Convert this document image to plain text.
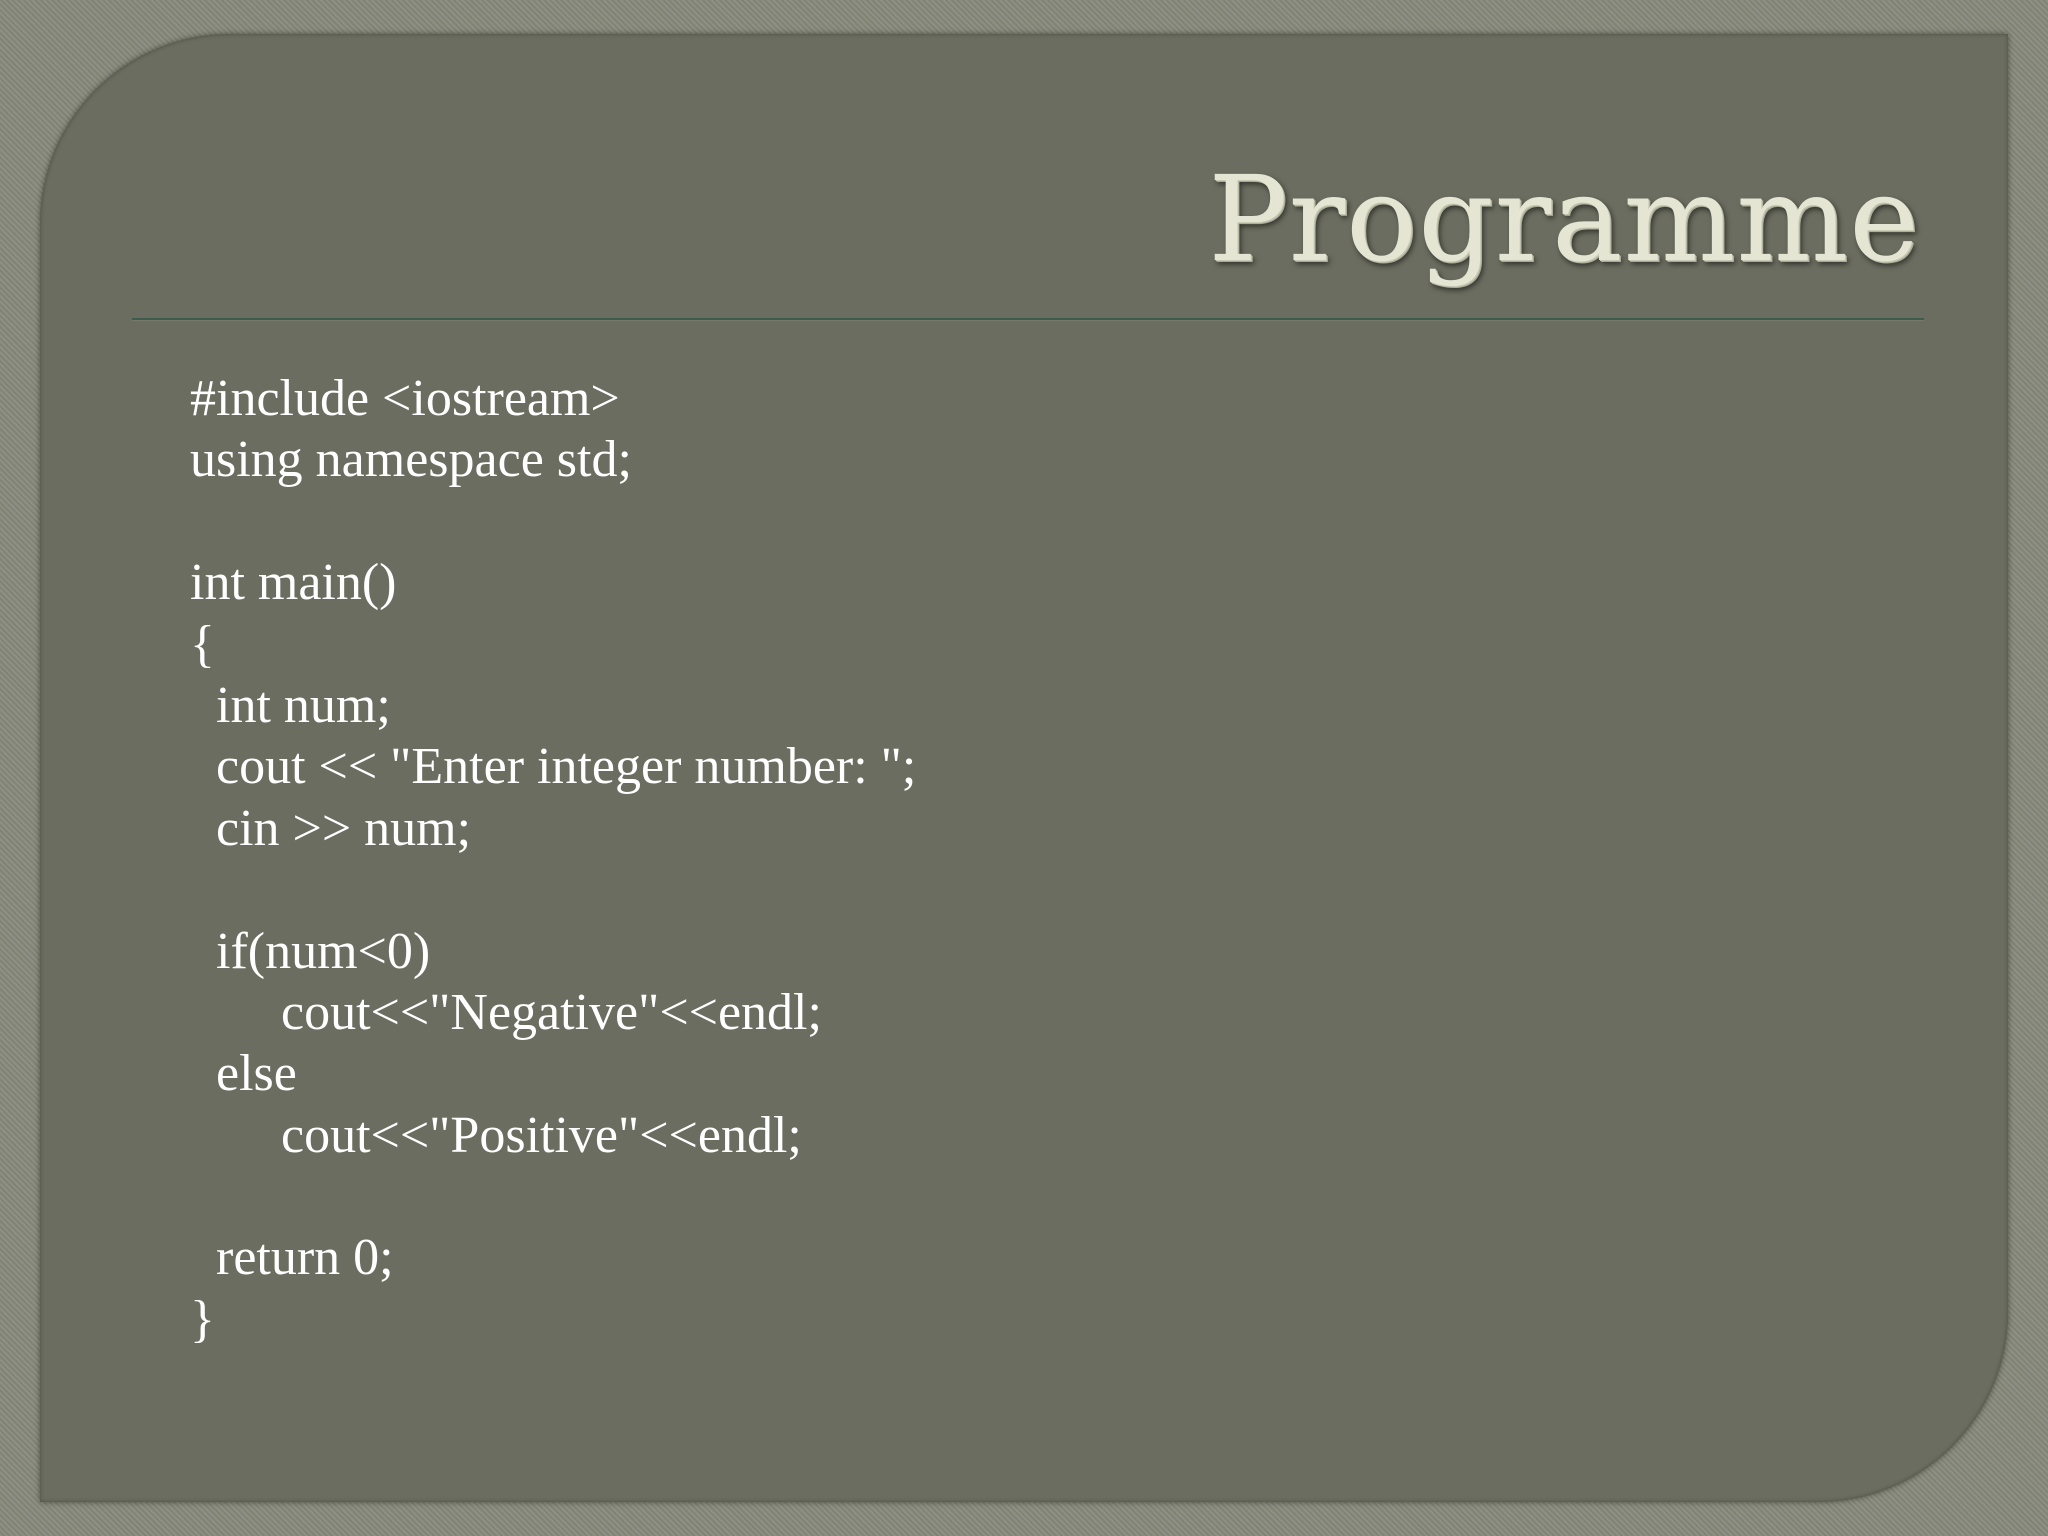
Programme
#include <iostream>
using namespace std;
int main()
{
int num;
cout << "Enter integer number: ";
cin >> num;
if(num<0)
cout<<"Negative"<<endl;
else
cout<<"Positive"<<endl;
return 0;
}
